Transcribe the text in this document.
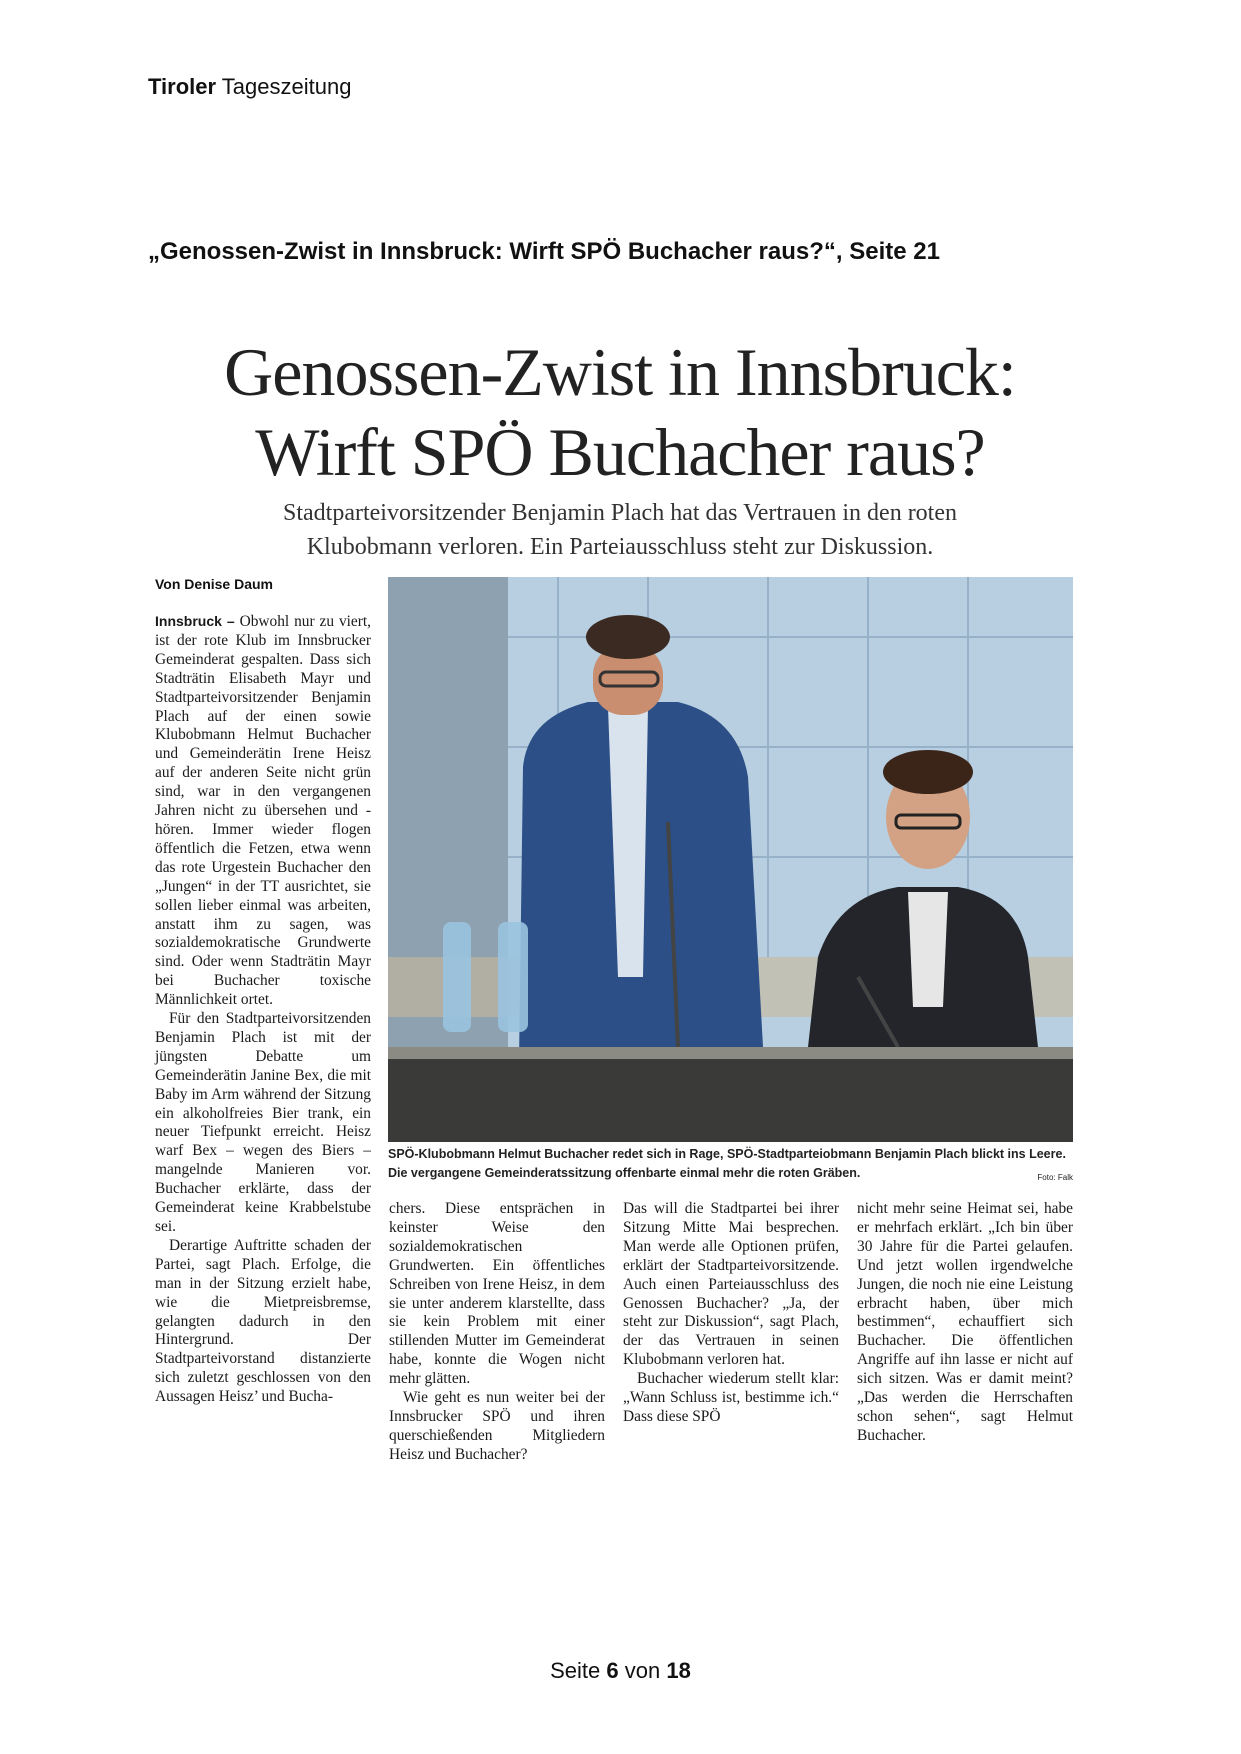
Tiroler Tageszeitung
„Genossen-Zwist in Innsbruck: Wirft SPÖ Buchacher raus?“, Seite 21
Genossen-Zwist in Innsbruck:
Wirft SPÖ Buchacher raus?
Stadtparteivorsitzender Benjamin Plach hat das Vertrauen in den roten
Klubobmann verloren. Ein Parteiausschluss steht zur Diskussion.
Von Denise Daum

Innsbruck – Obwohl nur zu viert, ist der rote Klub im Innsbrucker Gemeinderat gespalten. Dass sich Stadträtin Elisabeth Mayr und Stadtparteivorsitzender Benjamin Plach auf der einen sowie Klubobmann Helmut Buchacher und Gemeinderätin Irene Heisz auf der anderen Seite nicht grün sind, war in den vergangenen Jahren nicht zu übersehen und -hören. Immer wieder flogen öffentlich die Fetzen, etwa wenn das rote Urgestein Buchacher den „Jungen“ in der TT ausrichtet, sie sollen lieber einmal was arbeiten, anstatt ihm zu sagen, was sozialdemokratische Grundwerte sind. Oder wenn Stadträtin Mayr bei Buchacher toxische Männlichkeit ortet.

Für den Stadtparteivorsitzenden Benjamin Plach ist mit der jüngsten Debatte um Gemeinderätin Janine Bex, die mit Baby im Arm während der Sitzung ein alkoholfreies Bier trank, ein neuer Tiefpunkt erreicht. Heisz warf Bex – wegen des Biers – mangelnde Manieren vor. Buchacher erklärte, dass der Gemeinderat keine Krabbelstube sei.

Derartige Auftritte schaden der Partei, sagt Plach. Erfolge, die man in der Sitzung erzielt habe, wie die Mietpreisbremse, gelangten dadurch in den Hintergrund. Der Stadtparteivorstand distanzierte sich zuletzt geschlossen von den Aussagen Heisz’ und Bucha-

SPÖ-Klubobmann Helmut Buchacher redet sich in Rage, SPÖ-Stadtparteiobmann Benjamin Plach blickt ins Leere. Die vergangene Gemeinderatssitzung offenbarte einmal mehr die roten Gräben.	Foto: Falk

chers. Diese entsprächen in keinster Weise den sozialdemokratischen Grundwerten. Ein öffentliches Schreiben von Irene Heisz, in dem sie unter anderem klarstellte, dass sie kein Problem mit einer stillenden Mutter im Gemeinderat habe, konnte die Wogen nicht mehr glätten.

Wie geht es nun weiter bei der Innsbrucker SPÖ und ihren querschießenden Mitgliedern Heisz und Buchacher?

Das will die Stadtpartei bei ihrer Sitzung Mitte Mai besprechen. Man werde alle Optionen prüfen, erklärt der Stadtparteivorsitzende. Auch einen Parteiausschluss des Genossen Buchacher? „Ja, der steht zur Diskussion“, sagt Plach, der das Vertrauen in seinen Klubobmann verloren hat.

Buchacher wiederum stellt klar: „Wann Schluss ist, bestimme ich.“ Dass diese SPÖ

nicht mehr seine Heimat sei, habe er mehrfach erklärt. „Ich bin über 30 Jahre für die Partei gelaufen. Und jetzt wollen irgendwelche Jungen, die noch nie eine Leistung erbracht haben, über mich bestimmen“, echauffiert sich Buchacher. Die öffentlichen Angriffe auf ihn lasse er nicht auf sich sitzen. Was er damit meint? „Das werden die Herrschaften schon sehen“, sagt Helmut Buchacher.

Seite 6 von 18
